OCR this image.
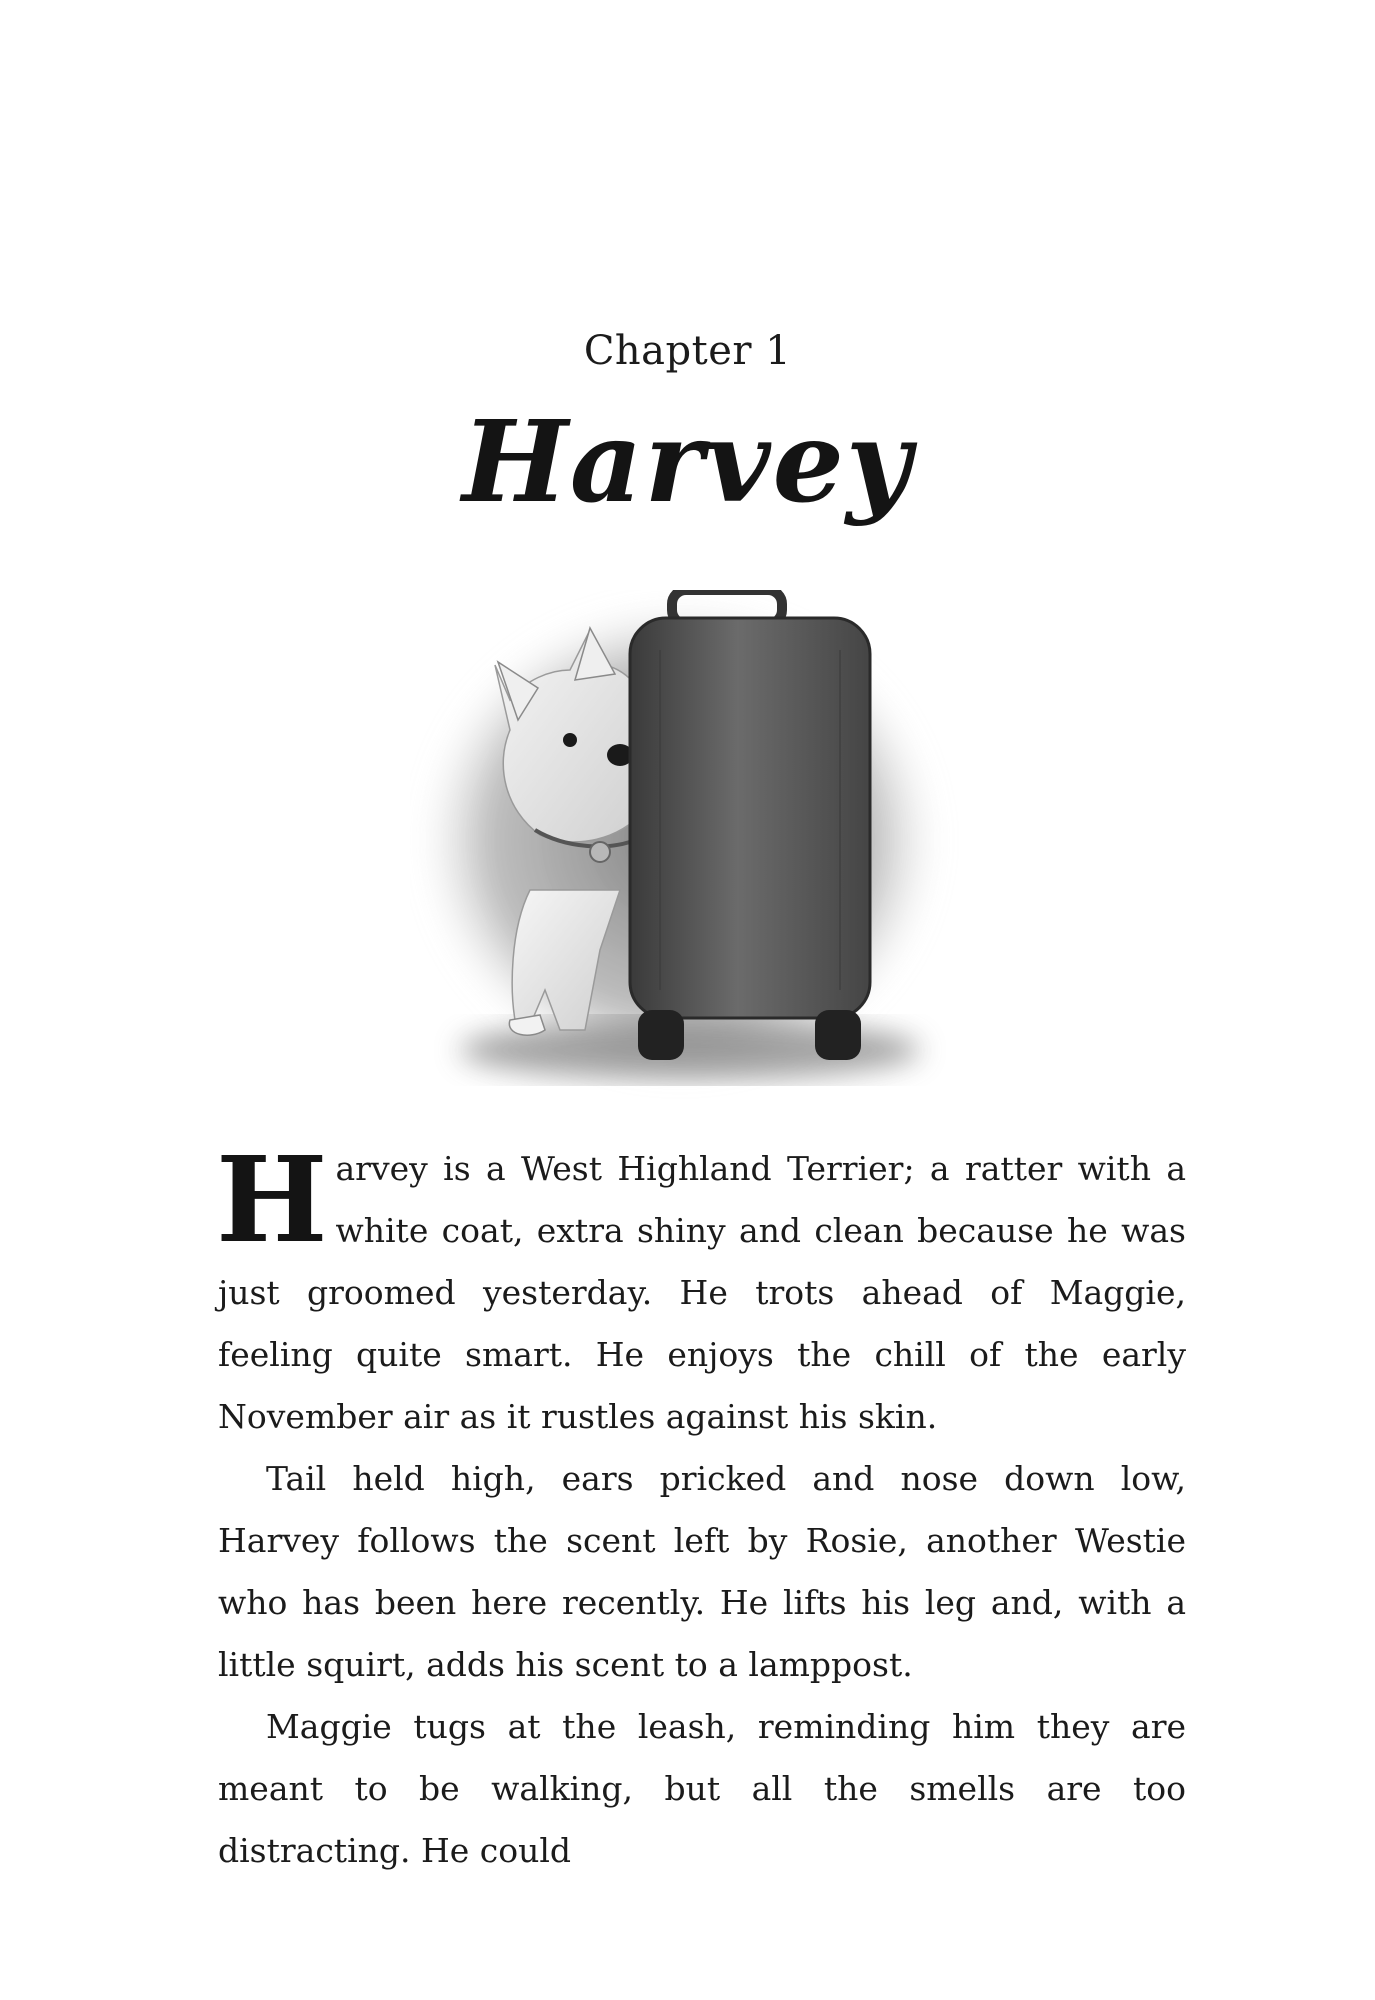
Chapter 1
Harvey

Harvey is a West Highland Terrier; a ratter with a white coat, extra shiny and clean because he was just groomed yesterday. He trots ahead of Maggie, feeling quite smart. He enjoys the chill of the early November air as it rustles against his skin.

Tail held high, ears pricked and nose down low, Harvey follows the scent left by Rosie, another Westie who has been here recently. He lifts his leg and, with a little squirt, adds his scent to a lamppost.

Maggie tugs at the leash, reminding him they are meant to be walking, but all the smells are too distracting. He could
